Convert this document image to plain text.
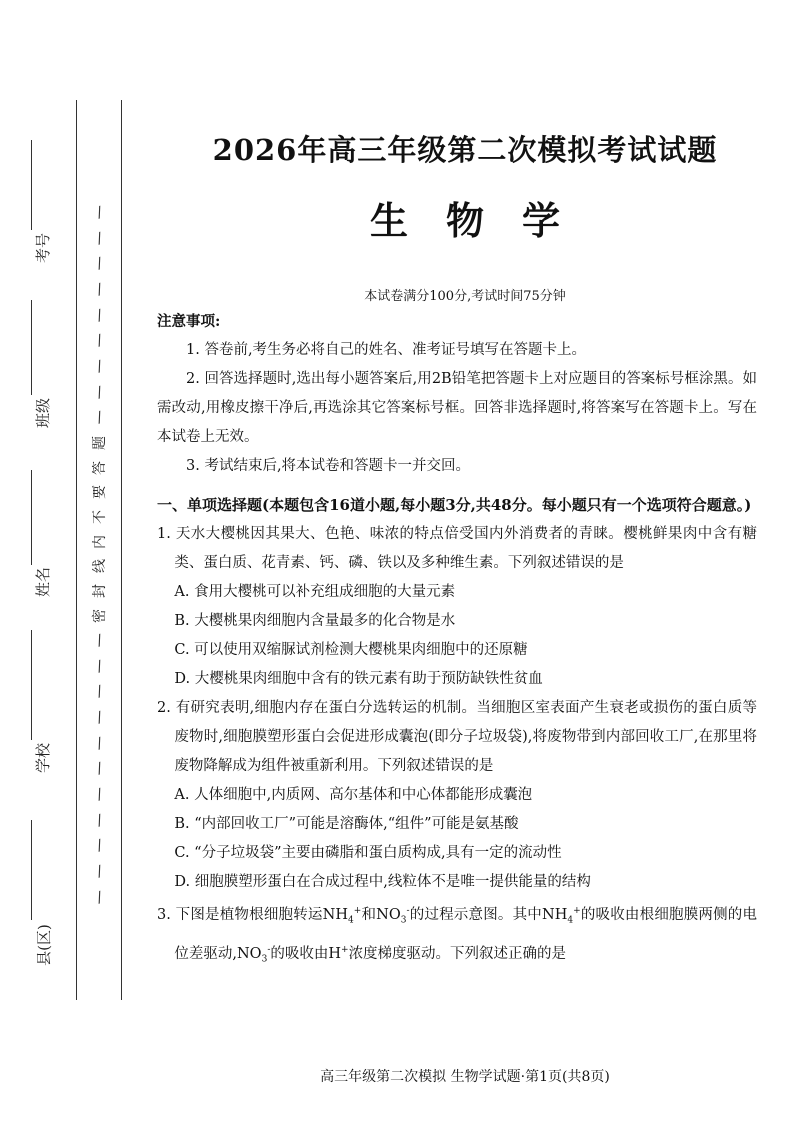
考号
班级
姓名
学校
县(区)
/
/
/
/
/
/
/
/
/
题
答
要
不
内
线
封
密
/
/
/
/
/
/
/
/
/
/
/
2026年高三年级第二次模拟考试试题
生物学
本试卷满分100分,考试时间75分钟

注意事项:

1. 答卷前,考生务必将自己的姓名、准考证号填写在答题卡上。

2. 回答选择题时,选出每小题答案后,用2B铅笔把答题卡上对应题目的答案标号框涂黑。如需改动,用橡皮擦干净后,再选涂其它答案标号框。回答非选择题时,将答案写在答题卡上。写在本试卷上无效。

3. 考试结束后,将本试卷和答题卡一并交回。

一、单项选择题(本题包含16道小题,每小题3分,共48分。每小题只有一个选项符合题意。)

1. 天水大樱桃因其果大、色艳、味浓的特点倍受国内外消费者的青睐。樱桃鲜果肉中含有糖类、蛋白质、花青素、钙、磷、铁以及多种维生素。下列叙述错误的是

A. 食用大樱桃可以补充组成细胞的大量元素
B. 大樱桃果肉细胞内含量最多的化合物是水
C. 可以使用双缩脲试剂检测大樱桃果肉细胞中的还原糖
D. 大樱桃果肉细胞中含有的铁元素有助于预防缺铁性贫血

2. 有研究表明,细胞内存在蛋白分选转运的机制。当细胞区室表面产生衰老或损伤的蛋白质等废物时,细胞膜塑形蛋白会促进形成囊泡(即分子垃圾袋),将废物带到内部回收工厂,在那里将废物降解成为组件被重新利用。下列叙述错误的是

A. 人体细胞中,内质网、高尔基体和中心体都能形成囊泡
B. “内部回收工厂”可能是溶酶体,“组件”可能是氨基酸
C. “分子垃圾袋”主要由磷脂和蛋白质构成,具有一定的流动性
D. 细胞膜塑形蛋白在合成过程中,线粒体不是唯一提供能量的结构

3. 下图是植物根细胞转运$NH_4^+$和$NO_3^-$的过程示意图。其中$NH_4^+$的吸收由根细胞膜两侧的电位差驱动$,NO_3^-$的吸收由H+浓度梯度驱动。下列叙述正确的是

高三年级第二次模拟 生物学试题·第1页(共8页)
